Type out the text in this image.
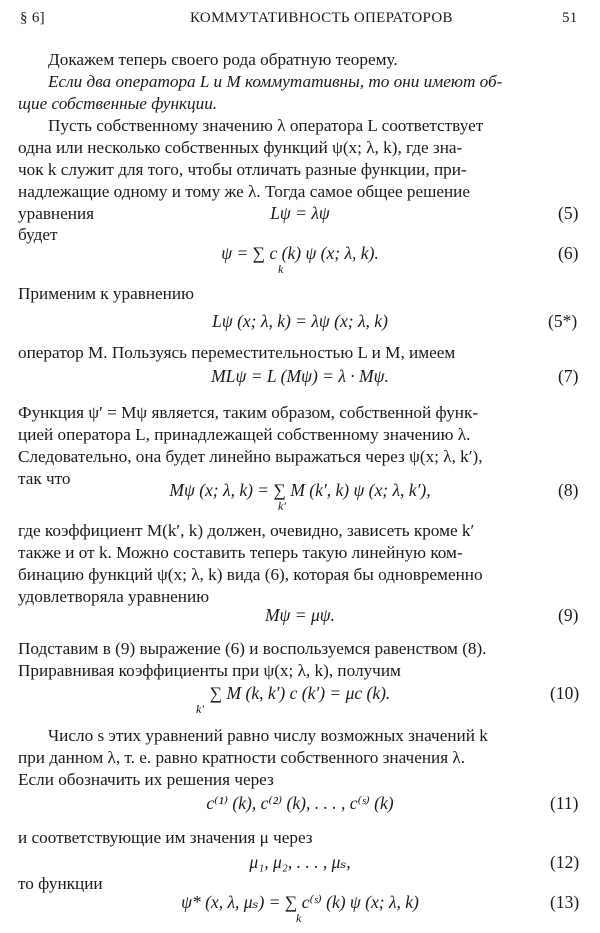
§ 6]	КОММУТАТИВНОСТЬ ОПЕРАТОРОВ	51
Докажем теперь своего рода обратную теорему.
Если два оператора L и M коммутативны, то они имеют об-
щие собственные функции.
Пусть собственному значению λ оператора L соответствует
одна или несколько собственных функций ψ(x; λ, k), где зна-
чок k служит для того, чтобы отличать разные функции, при-
надлежащие одному и тому же λ. Тогда самое общее решение
уравнения	Lψ = λψ	(5)
будет
ψ = ∑ c (k) ψ (x; λ, k).
k
(6)
Применим к уравнению
Lψ (x; λ, k) = λψ (x; λ, k)	(5*)
оператор M. Пользуясь переместительностью L и M, имеем
MLψ = L (Mψ) = λ · Mψ.	(7)
Функция ψ′ = Mψ является, таким образом, собственной функ-
цией оператора L, принадлежащей собственному значению λ.
Следовательно, она будет линейно выражаться через ψ(x; λ, k′),
так что
Mψ (x; λ, k) = ∑ M (k′, k) ψ (x; λ, k′),
k′
(8)
где коэффициент M(k′, k) должен, очевидно, зависеть кроме k′
также и от k. Можно составить теперь такую линейную ком-
бинацию функций ψ(x; λ, k) вида (6), которая бы одновременно
удовлетворяла уравнению
Mψ = μψ.	(9)
Подставим в (9) выражение (6) и воспользуемся равенством (8).
Приравнивая коэффициенты при ψ(x; λ, k), получим
∑ M (k, k′) c (k′) = μc (k).
k′
(10)
Число s этих уравнений равно числу возможных значений k
при данном λ, т. е. равно кратности собственного значения λ.
Если обозначить их решения через
c⁽¹⁾ (k), c⁽²⁾ (k), . . . , c⁽ˢ⁾ (k)	(11)
и соответствующие им значения μ через
μ₁, μ₂, . . . , μₛ,	(12)
то функции
ψ* (x, λ, μₛ) = ∑ c⁽ˢ⁾ (k) ψ (x; λ, k)
k
(13)
